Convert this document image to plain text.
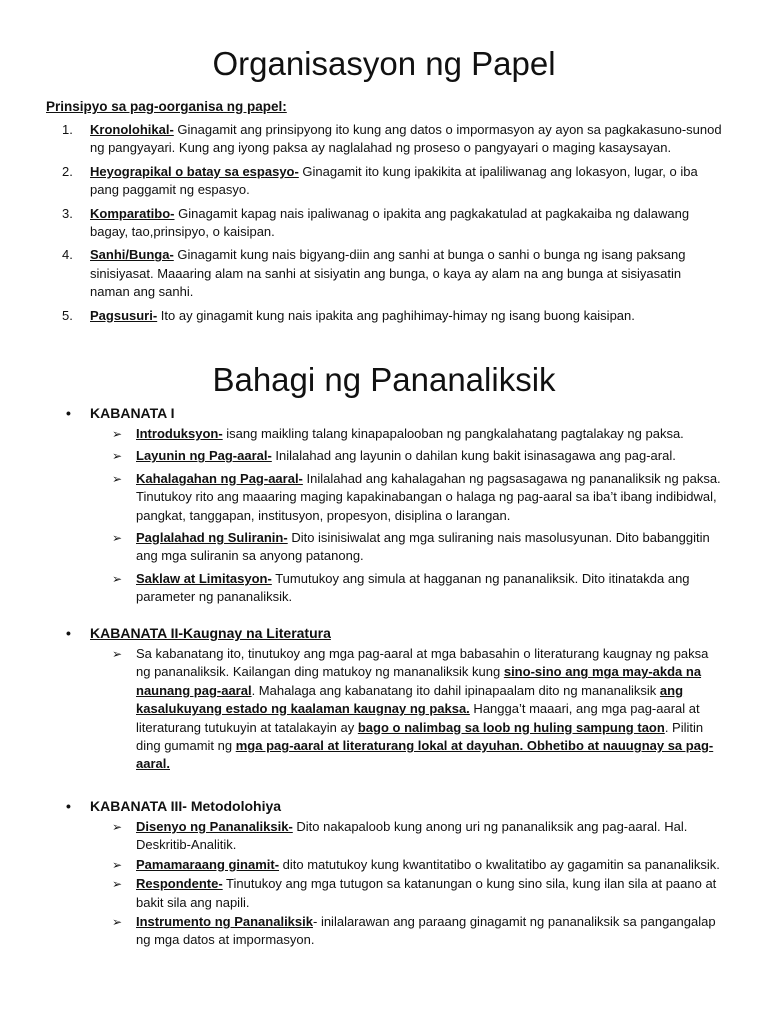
Organisasyon ng Papel
Prinsipyo sa pag-oorganisa ng papel:
1. Kronolohikal- Ginagamit ang prinsipyong ito kung ang datos o impormasyon ay ayon sa pagkakasuno-sunod ng pangyayari. Kung ang iyong paksa ay naglalahad ng proseso o pangyayari o maging kasaysayan.
2. Heyograpikal o batay sa espasyo- Ginagamit ito kung ipakikita at ipaliliwanag ang lokasyon, lugar, o iba pang paggamit ng espasyo.
3. Komparatibo- Ginagamit kapag nais ipaliwanag o ipakita ang pagkakatulad at pagkakaiba ng dalawang bagay, tao,prinsipyo, o kaisipan.
4. Sanhi/Bunga- Ginagamit kung nais bigyang-diin ang sanhi at bunga o sanhi o bunga ng isang paksang sinisiyasat. Maaaring alam na sanhi at sisiyatin ang bunga, o kaya ay alam na ang bunga at sisiyasatin naman ang sanhi.
5. Pagsusuri- Ito ay ginagamit kung nais ipakita ang paghihimay-himay ng isang buong kaisipan.
Bahagi ng Pananaliksik
• KABANATA I
➢ Introduksyon- isang maikling talang kinapapalooban ng pangkalahatang pagtalakay ng paksa.
➢ Layunin ng Pag-aaral- Inilalahad ang layunin o dahilan kung bakit isinasagawa ang pag-aral.
➢ Kahalagahan ng Pag-aaral- Inilalahad ang kahalagahan ng pagsasagawa ng pananaliksik ng paksa. Tinutukoy rito ang maaaring maging kapakinabangan o halaga ng pag-aaral sa iba’t ibang indibidwal, pangkat, tanggapan, institusyon, propesyon, disiplina o larangan.
➢ Paglalahad ng Suliranin- Dito isinisiwalat ang mga suliraning nais masolusyunan. Dito babanggitin ang mga suliranin sa anyong patanong.
➢ Saklaw at Limitasyon- Tumutukoy ang simula at hagganan ng pananaliksik. Dito itinatakda ang parameter ng pananaliksik.
• KABANATA II-Kaugnay na Literatura
➢ Sa kabanatang ito, tinutukoy ang mga pag-aaral at mga babasahin o literaturang kaugnay ng paksa ng pananaliksik. Kailangan ding matukoy ng mananaliksik kung sino-sino ang mga may-akda na naunang pag-aaral. Mahalaga ang kabanatang ito dahil ipinapaalam dito ng mananaliksik ang kasalukuyang estado ng kaalaman kaugnay ng paksa. Hangga’t maaari, ang mga pag-aaral at literaturang tutukuyin at tatalakayin ay bago o nalimbag sa loob ng huling sampung taon. Pilitin ding gumamit ng mga pag-aaral at literaturang lokal at dayuhan. Obhetibo at nauugnay sa pag-aaral.
• KABANATA III- Metodolohiya
➢ Disenyo ng Pananaliksik- Dito nakapaloob kung anong uri ng pananaliksik ang pag-aaral. Hal. Deskritib-Analitik.
➢ Pamamaraang ginamit- dito matutukoy kung kwantitatibo o kwalitatibo ay gagamitin sa pananaliksik.
➢ Respondente- Tinutukoy ang mga tutugon sa katanungan o kung sino sila, kung ilan sila at paano at bakit sila ang napili.
➢ Instrumento ng Pananaliksik- inilalarawan ang paraang ginagamit ng pananaliksik sa pangangalap ng mga datos at impormasyon.
